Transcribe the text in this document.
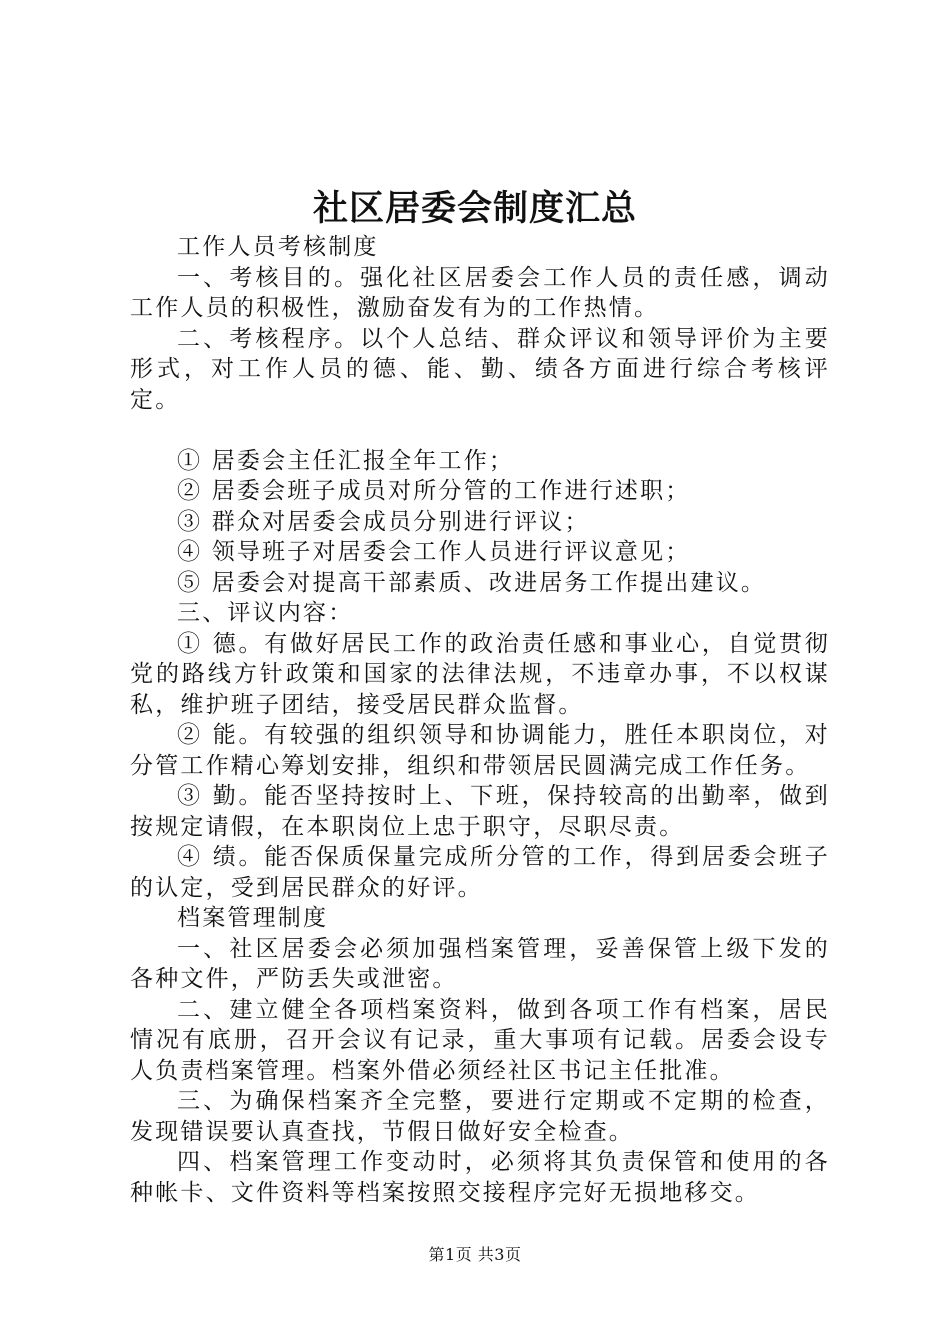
社区居委会制度汇总

工作人员考核制度

一、考核目的。强化社区居委会工作人员的责任感，调动工作人员的积极性，激励奋发有为的工作热情。

二、考核程序。以个人总结、群众评议和领导评价为主要形式，对工作人员的德、能、勤、绩各方面进行综合考核评定。

① 居委会主任汇报全年工作；

② 居委会班子成员对所分管的工作进行述职；

③ 群众对居委会成员分别进行评议；

④ 领导班子对居委会工作人员进行评议意见；

⑤ 居委会对提高干部素质、改进居务工作提出建议。

三、评议内容：

① 德。有做好居民工作的政治责任感和事业心，自觉贯彻党的路线方针政策和国家的法律法规，不违章办事，不以权谋私，维护班子团结，接受居民群众监督。

② 能。有较强的组织领导和协调能力，胜任本职岗位，对分管工作精心筹划安排，组织和带领居民圆满完成工作任务。

③ 勤。能否坚持按时上、下班，保持较高的出勤率，做到按规定请假，在本职岗位上忠于职守，尽职尽责。

④ 绩。能否保质保量完成所分管的工作，得到居委会班子的认定，受到居民群众的好评。

档案管理制度

一、社区居委会必须加强档案管理，妥善保管上级下发的各种文件，严防丢失或泄密。

二、建立健全各项档案资料，做到各项工作有档案，居民情况有底册，召开会议有记录，重大事项有记载。居委会设专人负责档案管理。档案外借必须经社区书记主任批准。

三、为确保档案齐全完整，要进行定期或不定期的检查，发现错误要认真查找，节假日做好安全检查。

四、档案管理工作变动时，必须将其负责保管和使用的各种帐卡、文件资料等档案按照交接程序完好无损地移交。

第1页 共3页
